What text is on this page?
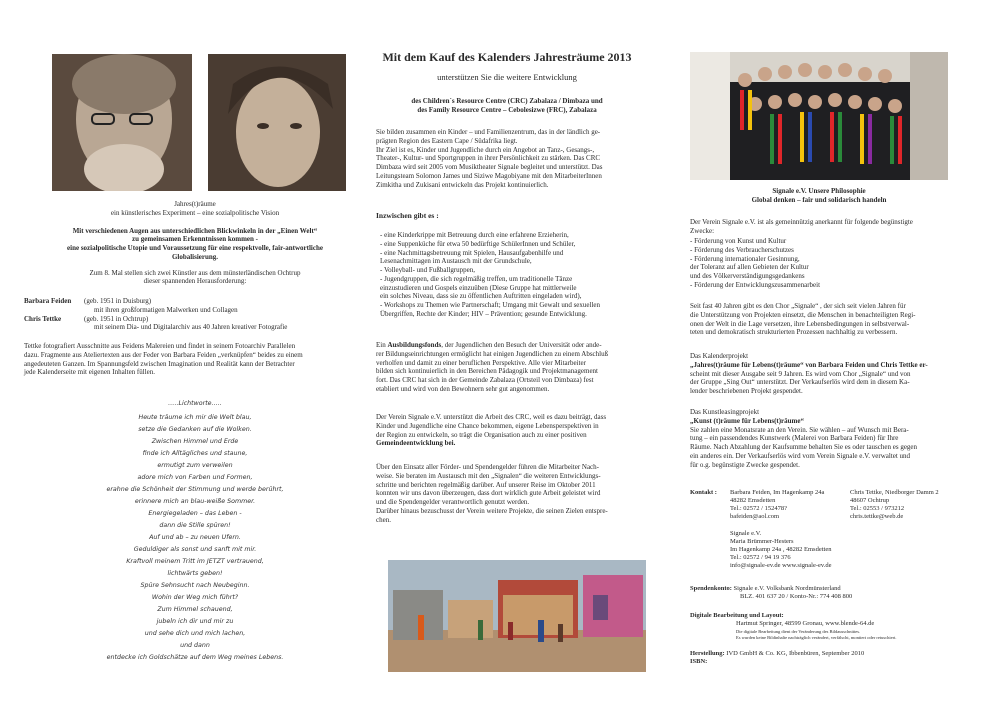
Jahres(t)räume
ein künstlerisches Experiment – eine sozialpolitische Vision
Mit verschiedenen Augen aus unterschiedlichen Blickwinkeln in der „Einen Welt“
zu gemeinsamen Erkenntnissen kommen -
eine sozialpolitische Utopie und Voraussetzung für eine respektvolle, fair-antwortliche
Globalisierung.
Zum 8. Mal stellen sich zwei Künstler aus dem münsterländischen Ochtrup
dieser spannenden Herausforderung:
Barbara Feiden	(geb. 1951 in Duisburg)
mit ihren großformatigen Malwerken und Collagen
Chris Tettke	(geb. 1951 in Ochtrup)
mit seinem Dia- und Digitalarchiv aus 40 Jahren kreativer Fotografie
Tettke fotografiert Ausschnitte aus Feidens Malereien und findet in seinem Fotoarchiv Parallelen
dazu. Fragmente aus Ateliertexten aus der Feder von Barbara Feiden „verknüpfen“ beides zu einem
angedeuteten Ganzen. Im Spannungsfeld zwischen Imagination und Realität kann der Betrachter
jede Kalenderseite mit eigenen Inhalten füllen.
…..Lichtworte…..
Heute träume ich mir die Welt blau,
setze die Gedanken auf die Wolken.
Zwischen Himmel und Erde
finde ich Alltägliches und staune,
ermutigt zum verweilen
adore mich von Farben und Formen,
erahne die Schönheit der Stimmung und werde berührt,
erinnere mich an blau-weiße Sommer.
Energiegeladen – das Leben -
dann die Stille spüren!
Auf und ab – zu neuen Ufern.
Geduldiger als sonst und sanft mit mir.
Kraftvoll meinem Tritt im JETZT vertrauend,
lichtwärts geben!
Spüre Sehnsucht nach Neubeginn.
Wohin der Weg mich führt?
Zum Himmel schauend,
jubeln ich dir und mir zu
und sehe dich und mich lachen,
und dann
entdecke ich Goldschätze auf dem Weg meines Lebens.
Mit dem Kauf des Kalenders Jahresträume 2013
unterstützen Sie die weitere Entwicklung
des Children´s Resource Centre (CRC) Zabalaza / Dimbaza und
des Family Resource Centre – Cebolesizwe (FRC), Zabalaza
Sie bilden zusammen ein Kinder – und Familienzentrum, das in der ländlich ge-
prägten Region des Eastern Cape / Südafrika liegt.
Ihr Ziel ist es, Kinder und Jugendliche durch ein Angebot an Tanz-, Gesangs-,
Theater-, Kultur- und Sportgruppen in ihrer Persönlichkeit zu stärken. Das CRC
Dimbaza wird seit 2005 vom Musiktheater Signale begleitet und unterstützt. Das
Leitungsteam Solomon James und Siziwe Magobiyane mit den MitarbeiterInnen
Zimkitha und Zukisani entwickeln das Projekt kontinuierlich.
Inzwischen gibt es :
- eine Kinderkrippe mit Betreuung durch eine erfahrene Erzieherin,
- eine Suppenküche für etwa 50 bedürftige SchülerInnen und Schüler,
- eine Nachmittagsbetreuung mit Spielen, Hausaufgabenhilfe und
Lesenachmittagen im Austausch mit der Grundschule,
- Volleyball- und Fußballgruppen,
- Jugendgruppen, die sich regelmäßig treffen, um traditionelle Tänze
einzustudieren und Gospels einzuüben (Diese Gruppe hat mittlerweile
ein solches Niveau, dass sie zu öffentlichen Auftritten eingeladen wird),
- Workshops zu Themen wie Partnerschaft; Umgang mit Gewalt und sexuellen
Übergriffen, Rechte der Kinder; HIV – Prävention; gesunde Entwicklung.
Ein Ausbildungsfonds, der Jugendlichen den Besuch der Universität oder ande-
rer Bildungseinrichtungen ermöglicht hat einigen Jugendlichen zu einem Abschluß
verholfen und damit zu einer beruflichen Perspektive. Alle vier Mitarbeiter
bilden sich kontinuierlich in den Bereichen Pädagogik und Projektmanagement
fort. Das CRC hat sich in der Gemeinde Zabalaza (Ortsteil von Dimbaza) fest
etabliert und wird von den Bewohnern sehr gut angenommen.
Der Verein Signale e.V. unterstützt die Arbeit des CRC, weil es dazu beiträgt, dass
Kinder und Jugendliche eine Chance bekommen, eigene Lebensperspektiven in
der Region zu entwickeln, so trägt die Organisation auch zu einer positiven
Gemeindeentwicklung bei.
Über den Einsatz aller Förder- und Spendengelder führen die Mitarbeiter Nach-
weise. Sie beraten im Austausch mit den „Signalen“ die weiteren Entwicklungs-
schritte und berichten regelmäßig darüber. Auf unserer Reise im Oktober 2011
konnten wir uns davon überzeugen, dass dort wirklich gute Arbeit geleistet wird
und die Spendengelder verantwortlich genutzt werden.
Darüber hinaus bezuschusst der Verein weitere Projekte, die seinen Zielen entspre-
chen.
Signale e.V. Unsere Philosophie
Global denken – fair und solidarisch handeln
Der Verein Signale e.V. ist als gemeinnützig anerkannt für folgende begünstigte
Zwecke:
- Förderung von Kunst und Kultur
- Förderung des Verbraucherschutzes
- Förderung internationaler Gesinnung,
der Toleranz auf allen Gebieten der Kultur
und des Völkerverständigungsgedankens
- Förderung der Entwicklungszusammenarbeit
Seit fast 40 Jahren gibt es den Chor „Signale“ , der sich seit vielen Jahren für
die Unterstützung von Projekten einsetzt, die Menschen in benachteiligten Regi-
onen der Welt in die Lage versetzen, ihre Lebensbedingungen in selbstverwal-
teten und demokratisch strukturierten Prozessen nachhaltig zu verbessern.
Das Kalenderprojekt
„Jahres(t)räume für Lebens(t)räume“ von Barbara Feiden und Chris Tettke er-
scheint mit dieser Ausgabe seit 9 Jahren. Es wird vom Chor „Signale“ und von
der Gruppe „Sing Out“ unterstützt. Der Verkaufserlös wird dem in diesem Ka-
lender beschriebenen Projekt gespendet.
Das Kunstleasingprojekt
„Kunst (t)räume für Lebens(t)räume“
Sie zahlen eine Monatsrate an den Verein. Sie wählen – auf Wunsch mit Bera-
tung – ein passendendes Kunstwerk (Malerei von Barbara Feiden) für Ihre
Räume. Nach Abzahlung der Kaufsumme behalten Sie es oder tauschen es gegen
ein anderes ein. Der Verkaufserlös wird vom Verein Signale e.V. verwaltet und
für o.g. begünstigte Zwecke gespendet.
Kontakt :	Barbara Feiden, Im Hagenkamp 24a
48282 Emsdetten
Tel.: 02572 / 152478?
bafeiden@aol.com
Chris Tettke, Niedborger Damm 2
48607 Ochtrup
Tel.: 02553 / 973212
chris.tettke@web.de
Signale e.V.
Maria Brümmer-Hesters
Im Hagenkamp 24a , 48282 Emsdetten
Tel.: 02572 / 94 19 376
info@signale-ev.de www.signale-ev.de
Spendenkonto: Signale e.V. Volksbank Nordmünsterland
BLZ. 401 637 20 / Konto-Nr.: 774 408 800
Digitale Bearbeitung und Layout:
Hartmut Springer, 48599 Gronau, www.blende-64.de
Die digitale Bearbeitung dient der Veränderung des Bildausschnittes.
Es wurden keine Bildinhalte nachträglich verändert, verfälscht, montiert oder retuschiert.
Herstellung: IVD GmbH & Co. KG, Ibbenbüren, September 2010
ISBN:
